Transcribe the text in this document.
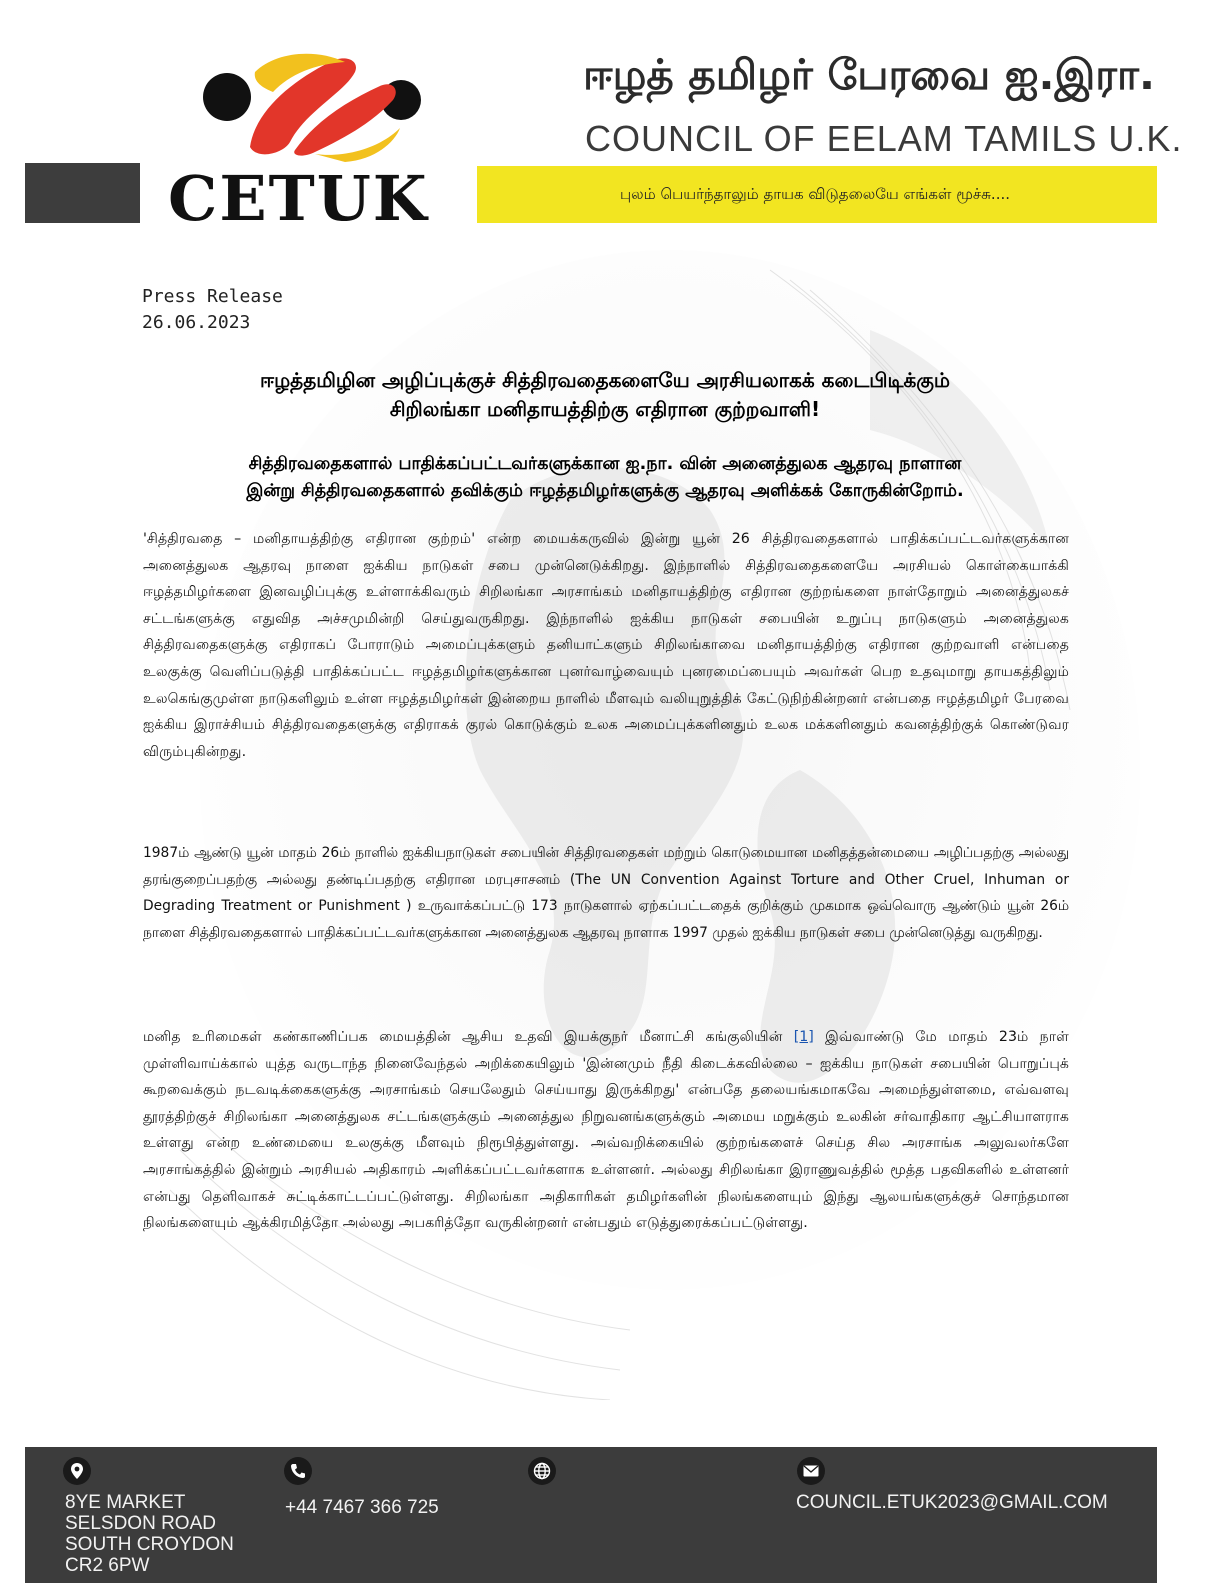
புலம் பெயர்ந்தாலும் தாயக விடுதலையே எங்கள் மூச்சு....
CETUK
ஈழத் தமிழர் பேரவை ஐ.இரா.
COUNCIL OF EELAM TAMILS U.K.
Press Release
26.06.2023
ஈழத்தமிழின அழிப்புக்குச் சித்திரவதைகளையே அரசியலாகக் கடைபிடிக்கும்
சிறிலங்கா மனிதாயத்திற்கு எதிரான குற்றவாளி!
சித்திரவதைகளால் பாதிக்கப்பட்டவர்களுக்கான ஐ.நா. வின் அனைத்துலக ஆதரவு நாளான
இன்று சித்திரவதைகளால் தவிக்கும் ஈழத்தமிழர்களுக்கு ஆதரவு அளிக்கக் கோருகின்றோம்.
'சித்திரவதை – மனிதாயத்திற்கு எதிரான குற்றம்' என்ற மையக்கருவில் இன்று யூன் 26 சித்திரவதைகளால் பாதிக்கப்பட்டவர்களுக்கான அனைத்துலக ஆதரவு நாளை ஐக்கிய நாடுகள் சபை முன்னெடுக்கிறது. இந்நாளில் சித்திரவதைகளையே அரசியல் கொள்கையாக்கி ஈழத்தமிழர்களை இனவழிப்புக்கு உள்ளாக்கிவரும் சிறிலங்கா அரசாங்கம் மனிதாயத்திற்கு எதிரான குற்றங்களை நாள்தோறும் அனைத்துலகச் சட்டங்களுக்கு எதுவித அச்சமுமின்றி செய்துவருகிறது. இந்நாளில் ஐக்கிய நாடுகள் சபையின் உறுப்பு நாடுகளும் அனைத்துலக சித்திரவதைகளுக்கு எதிராகப் போராடும் அமைப்புக்களும் தனியாட்களும் சிறிலங்காவை மனிதாயத்திற்கு எதிரான குற்றவாளி என்பதை உலகுக்கு வெளிப்படுத்தி பாதிக்கப்பட்ட ஈழத்தமிழர்களுக்கான புனர்வாழ்வையும் புனரமைப்பையும் அவர்கள் பெற உதவுமாறு தாயகத்திலும் உலகெங்குமுள்ள நாடுகளிலும் உள்ள ஈழத்தமிழர்கள் இன்றைய நாளில் மீளவும் வலியுறுத்திக் கேட்டுநிற்கின்றனர் என்பதை ஈழத்தமிழர் பேரவை ஐக்கிய இராச்சியம் சித்திரவதைகளுக்கு எதிராகக் குரல் கொடுக்கும் உலக அமைப்புக்களினதும் உலக மக்களினதும் கவனத்திற்குக் கொண்டுவர விரும்புகின்றது.
1987ம் ஆண்டு யூன் மாதம் 26ம் நாளில் ஐக்கியநாடுகள் சபையின் சித்திரவதைகள் மற்றும் கொடுமையான மனிதத்தன்மையை அழிப்பதற்கு அல்லது தரங்குறைப்பதற்கு அல்லது தண்டிப்பதற்கு எதிரான மரபுசாசனம் (The UN Convention Against Torture and Other Cruel, Inhuman or Degrading Treatment or Punishment ) உருவாக்கப்பட்டு 173 நாடுகளால் ஏற்கப்பட்டதைக் குறிக்கும் முகமாக ஒவ்வொரு ஆண்டும் யூன் 26ம் நாளை சித்திரவதைகளால் பாதிக்கப்பட்டவர்களுக்கான அனைத்துலக ஆதரவு நாளாக 1997 முதல் ஐக்கிய நாடுகள் சபை முன்னெடுத்து வருகிறது.
மனித உரிமைகள் கண்காணிப்பக மையத்தின் ஆசிய உதவி இயக்குநர் மீனாட்சி கங்குலியின் [1] இவ்வாண்டு மே மாதம் 23ம் நாள் முள்ளிவாய்க்கால் யுத்த வருடாந்த நினைவேந்தல் அறிக்கையிலும் 'இன்னமும் நீதி கிடைக்கவில்லை – ஐக்கிய நாடுகள் சபையின் பொறுப்புக் கூறவைக்கும் நடவடிக்கைகளுக்கு அரசாங்கம் செயலேதும் செய்யாது இருக்கிறது' என்பதே தலையங்கமாகவே அமைந்துள்ளமை, எவ்வளவு தூரத்திற்குச் சிறிலங்கா அனைத்துலக சட்டங்களுக்கும் அனைத்துல நிறுவனங்களுக்கும் அமைய மறுக்கும் உலகின் சர்வாதிகார ஆட்சியாளராக உள்ளது என்ற உண்மையை உலகுக்கு மீளவும் நிரூபித்துள்ளது. அவ்வறிக்கையில் குற்றங்களைச் செய்த சில அரசாங்க அலுவலர்களே அரசாங்கத்தில் இன்றும் அரசியல் அதிகாரம் அளிக்கப்பட்டவர்களாக உள்ளனர். அல்லது சிறிலங்கா இராணுவத்தில் மூத்த பதவிகளில் உள்ளனர் என்பது தெளிவாகச் சுட்டிக்காட்டப்பட்டுள்ளது. சிறிலங்கா அதிகாரிகள் தமிழர்களின் நிலங்களையும் இந்து ஆலயங்களுக்குச் சொந்தமான நிலங்களையும் ஆக்கிரமித்தோ அல்லது அபகரித்தோ வருகின்றனர் என்பதும் எடுத்துரைக்கப்பட்டுள்ளது.
8YE MARKET
SELSDON ROAD
SOUTH CROYDON
CR2 6PW
+44 7467 366 725	COUNCIL.ETUK2023@GMAIL.COM
